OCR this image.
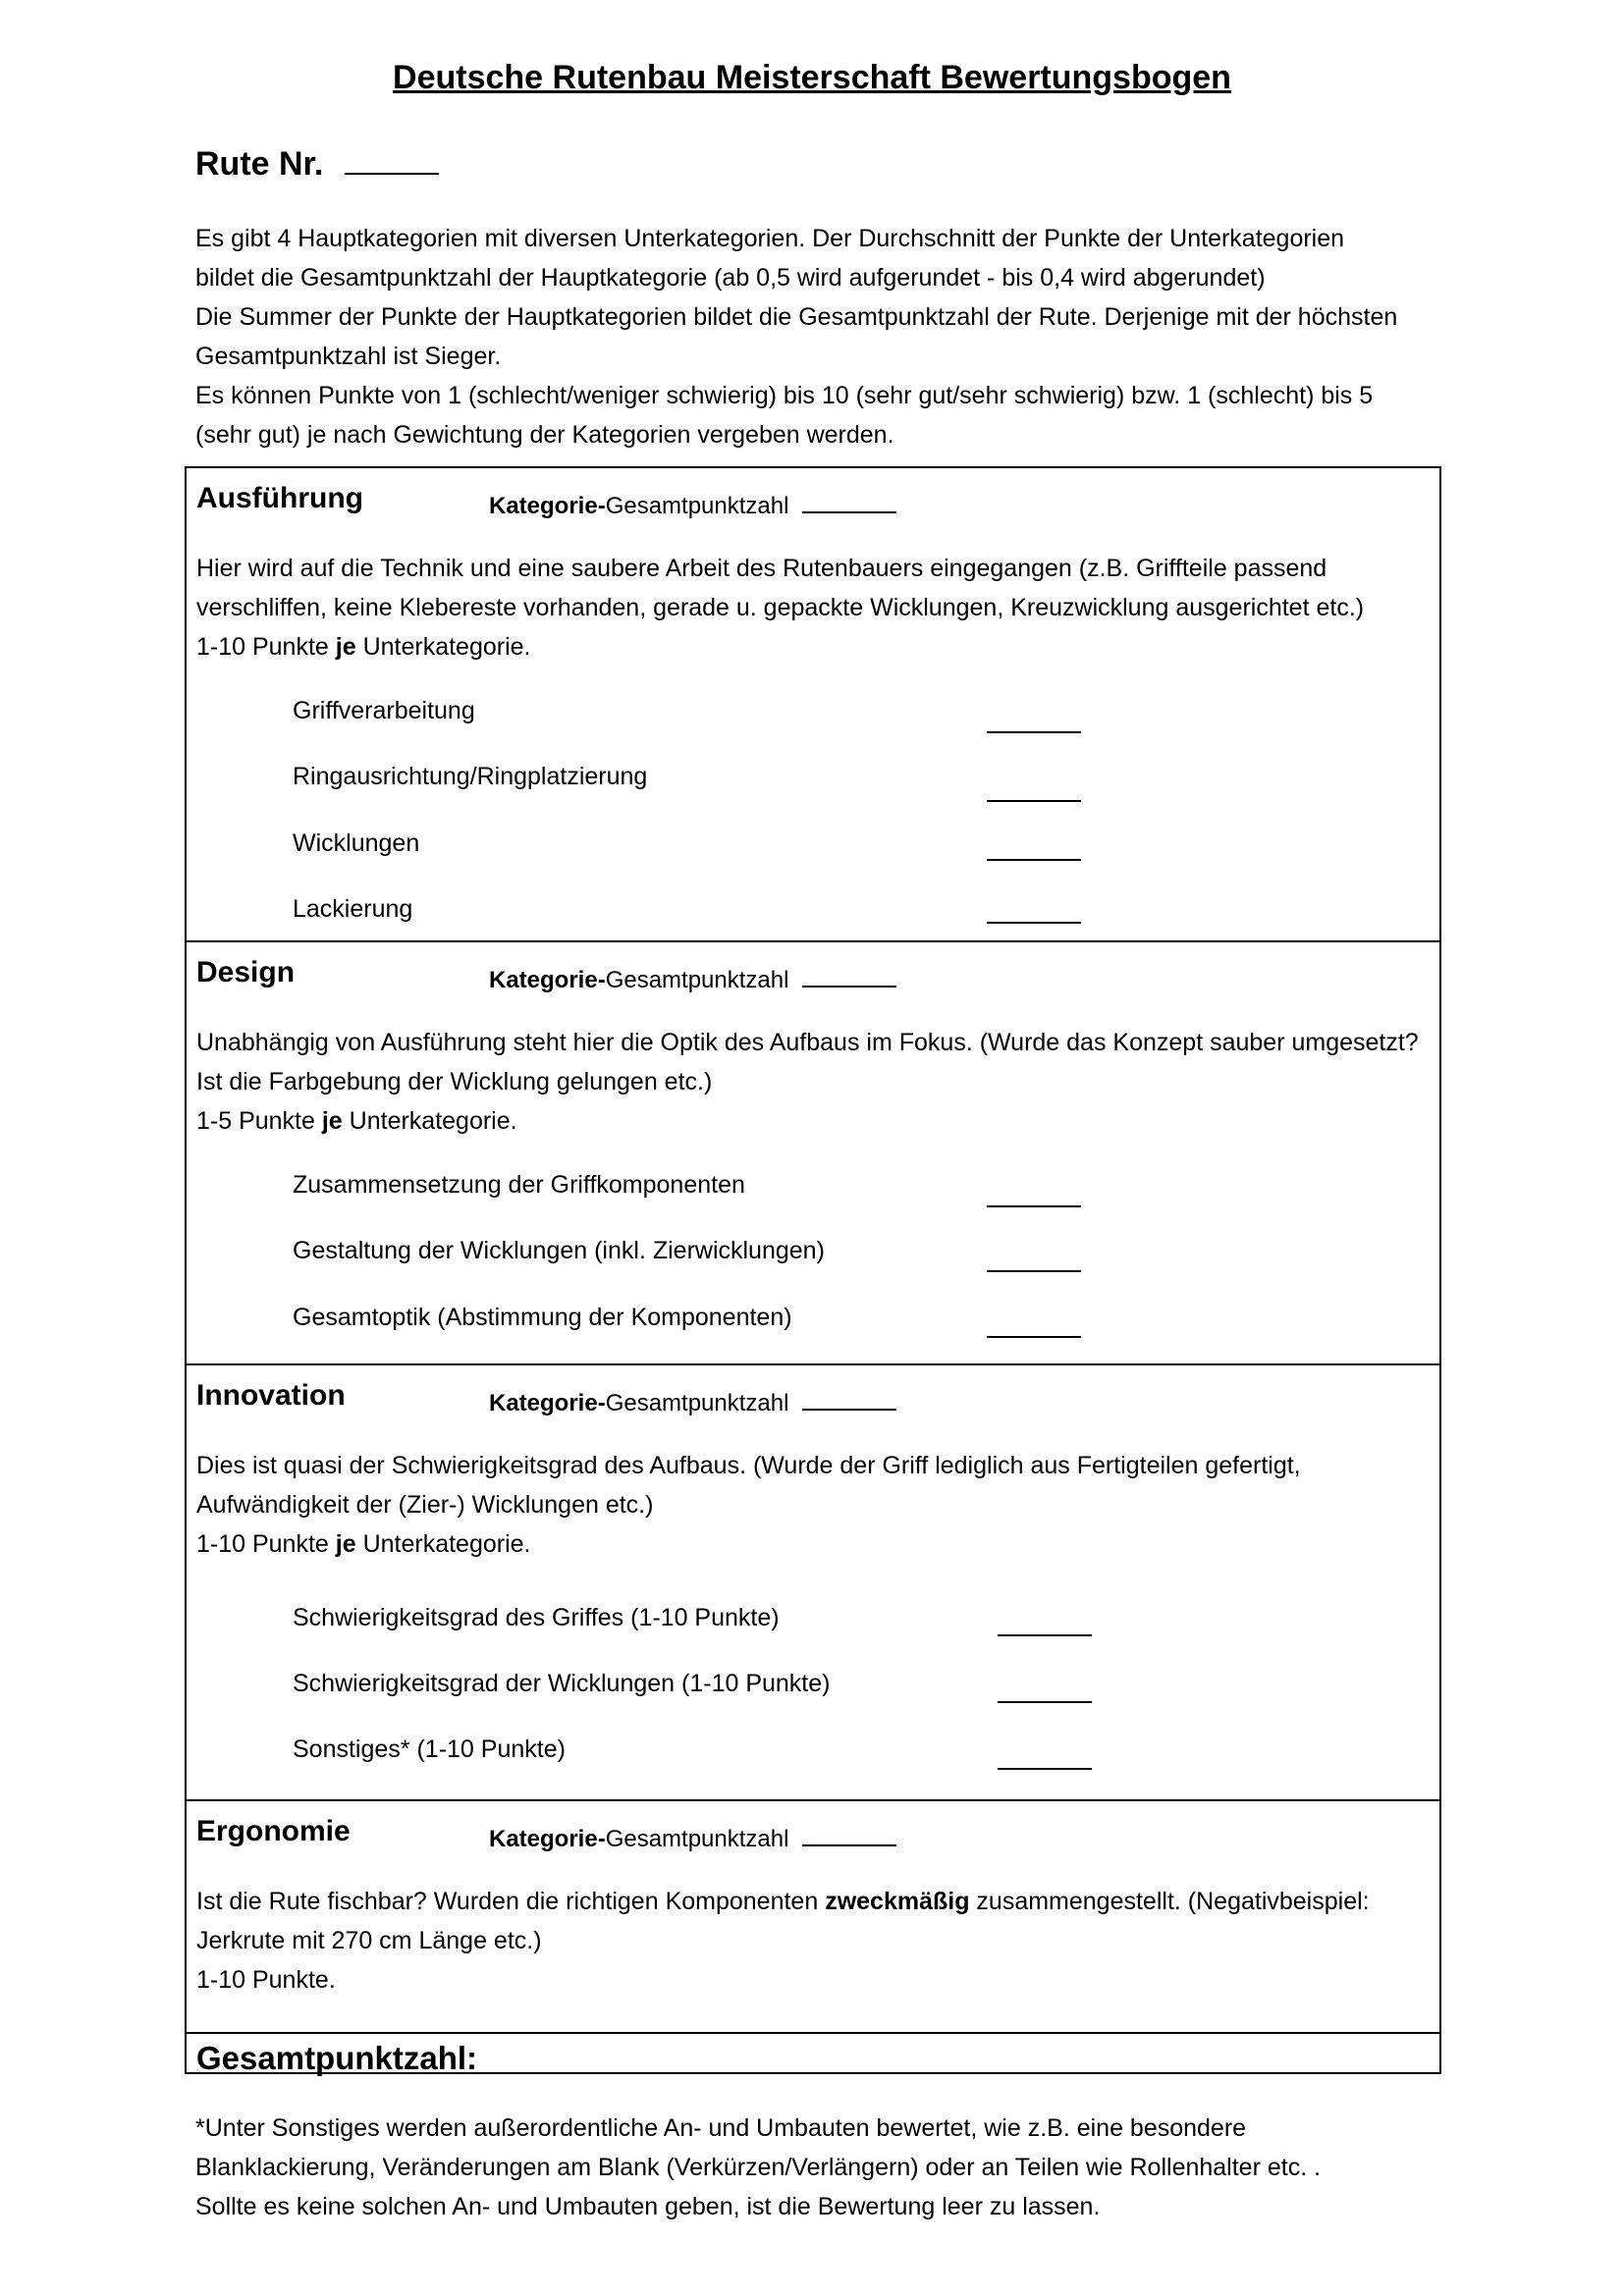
Deutsche Rutenbau Meisterschaft Bewertungsbogen
Rute Nr.

Es gibt 4 Hauptkategorien mit diversen Unterkategorien. Der Durchschnitt der Punkte der Unterkategorien

bildet die Gesamtpunktzahl der Hauptkategorie (ab 0,5 wird aufgerundet - bis 0,4 wird abgerundet)

Die Summer der Punkte der Hauptkategorien bildet die Gesamtpunktzahl der Rute. Derjenige mit der höchsten

Gesamtpunktzahl ist Sieger.

Es können Punkte von 1 (schlecht/weniger schwierig) bis 10 (sehr gut/sehr schwierig) bzw. 1 (schlecht) bis 5

(sehr gut) je nach Gewichtung der Kategorien vergeben werden.

Ausführung	Kategorie-Gesamtpunktzahl

Hier wird auf die Technik und eine saubere Arbeit des Rutenbauers eingegangen (z.B. Griffteile passend

verschliffen, keine Klebereste vorhanden, gerade u. gepackte Wicklungen, Kreuzwicklung ausgerichtet etc.)

1-10 Punkte je Unterkategorie.

Griffverarbeitung
Ringausrichtung/Ringplatzierung
Wicklungen
Lackierung
Design	Kategorie-Gesamtpunktzahl

Unabhängig von Ausführung steht hier die Optik des Aufbaus im Fokus. (Wurde das Konzept sauber umgesetzt?

Ist die Farbgebung der Wicklung gelungen etc.)

1-5 Punkte je Unterkategorie.

Zusammensetzung der Griffkomponenten
Gestaltung der Wicklungen (inkl. Zierwicklungen)
Gesamtoptik (Abstimmung der Komponenten)
Innovation	Kategorie-Gesamtpunktzahl

Dies ist quasi der Schwierigkeitsgrad des Aufbaus. (Wurde der Griff lediglich aus Fertigteilen gefertigt,

Aufwändigkeit der (Zier-) Wicklungen etc.)

1-10 Punkte je Unterkategorie.

Schwierigkeitsgrad des Griffes (1-10 Punkte)
Schwierigkeitsgrad der Wicklungen (1-10 Punkte)
Sonstiges* (1-10 Punkte)
Ergonomie	Kategorie-Gesamtpunktzahl

Ist die Rute fischbar? Wurden die richtigen Komponenten zweckmäßig zusammengestellt. (Negativbeispiel:

Jerkrute mit 270 cm Länge etc.)

1-10 Punkte.

Gesamtpunktzahl:

*Unter Sonstiges werden außerordentliche An- und Umbauten bewertet, wie z.B. eine besondere

Blanklackierung, Veränderungen am Blank (Verkürzen/Verlängern) oder an Teilen wie Rollenhalter etc. .

Sollte es keine solchen An- und Umbauten geben, ist die Bewertung leer zu lassen.
